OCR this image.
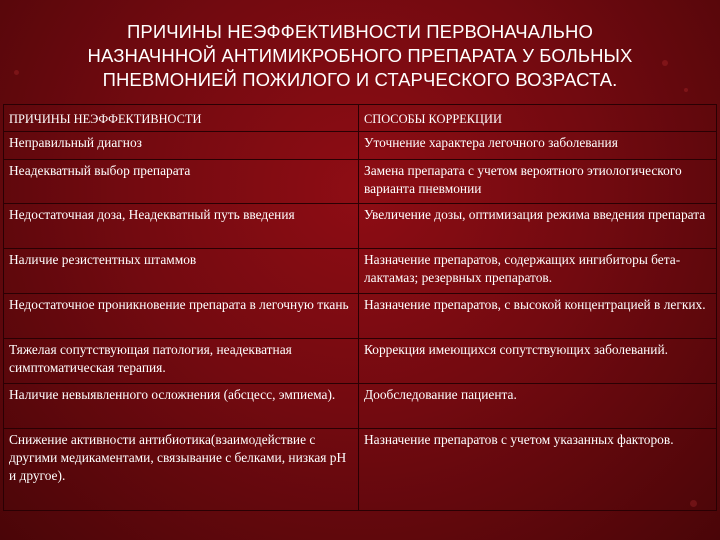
ПРИЧИНЫ НЕЭФФЕКТИВНОСТИ ПЕРВОНАЧАЛЬНО
НАЗНАЧННОЙ АНТИМИКРОБНОГО ПРЕПАРАТА У БОЛЬНЫХ
ПНЕВМОНИЕЙ ПОЖИЛОГО И СТАРЧЕСКОГО ВОЗРАСТА.
ПРИЧИНЫ НЕЭФФЕКТИВНОСТИ	СПОСОБЫ КОРРЕКЦИИ
Неправильный диагноз	Уточнение характера легочного заболевания
Неадекватный выбор препарата	Замена препарата с учетом вероятного этиологического варианта пневмонии
Недостаточная доза, Неадекватный путь введения	Увеличение дозы, оптимизация режима введения препарата
Наличие резистентных штаммов	Назначение препаратов, содержащих ингибиторы бета-лактамаз; резервных препаратов.
Недостаточное проникновение препарата в легочную ткань	Назначение препаратов, с высокой концентрацией в легких.
Тяжелая сопутствующая патология, неадекватная симптоматическая терапия.	Коррекция имеющихся сопутствующих заболеваний.
Наличие невыявленного осложнения (абсцесс, эмпиема).	Дообследование пациента.
Снижение активности антибиотика(взаимодействие с другими медикаментами, связывание с белками, низкая рН и другое).	Назначение препаратов с учетом указанных факторов.
